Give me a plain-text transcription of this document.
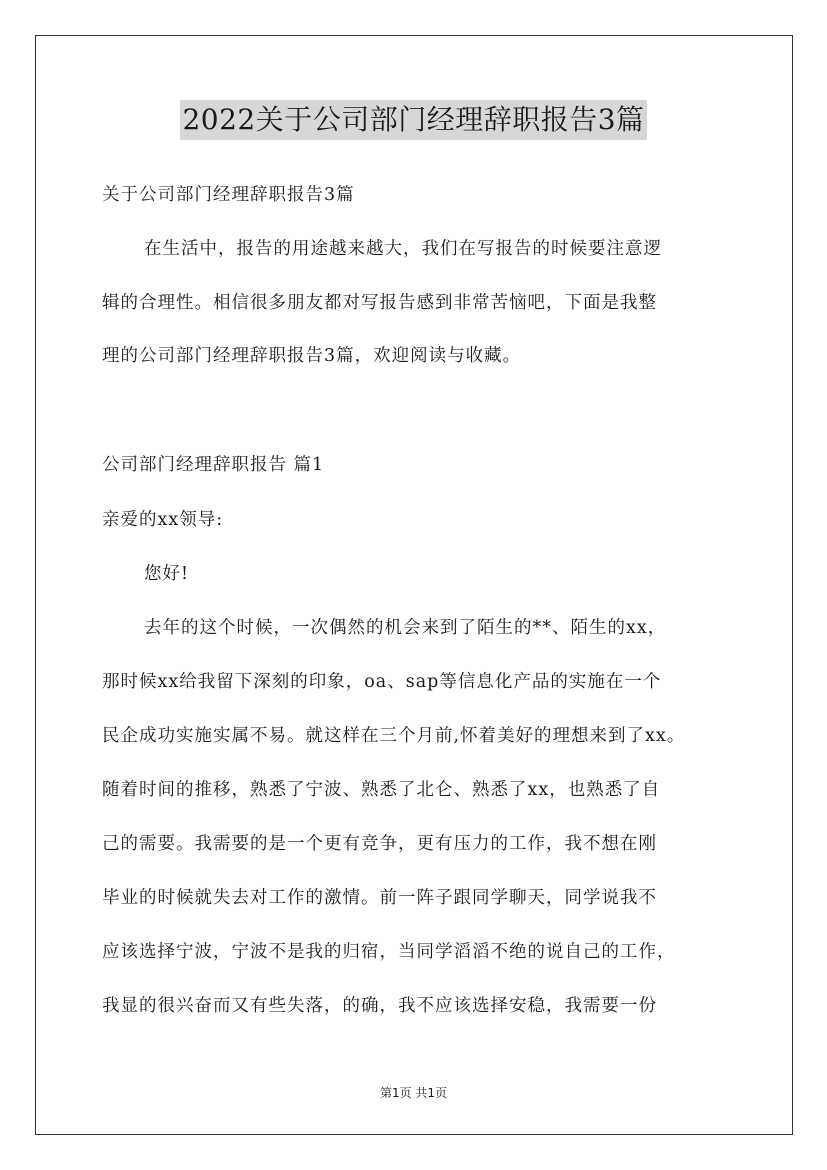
2022关于公司部门经理辞职报告3篇
关于公司部门经理辞职报告3篇
在生活中，报告的用途越来越大，我们在写报告的时候要注意逻
辑的合理性。相信很多朋友都对写报告感到非常苦恼吧，下面是我整
理的公司部门经理辞职报告3篇，欢迎阅读与收藏。
公司部门经理辞职报告 篇1
亲爱的xx领导:
您好!
去年的这个时候，一次偶然的机会来到了陌生的**、陌生的xx，
那时候xx给我留下深刻的印象，oa、sap等信息化产品的实施在一个
民企成功实施实属不易。就这样在三个月前,怀着美好的理想来到了xx。
随着时间的推移，熟悉了宁波、熟悉了北仑、熟悉了xx，也熟悉了自
己的需要。我需要的是一个更有竞争，更有压力的工作，我不想在刚
毕业的时候就失去对工作的激情。前一阵子跟同学聊天，同学说我不
应该选择宁波，宁波不是我的归宿，当同学滔滔不绝的说自己的工作，
我显的很兴奋而又有些失落，的确，我不应该选择安稳，我需要一份
第1页 共1页
